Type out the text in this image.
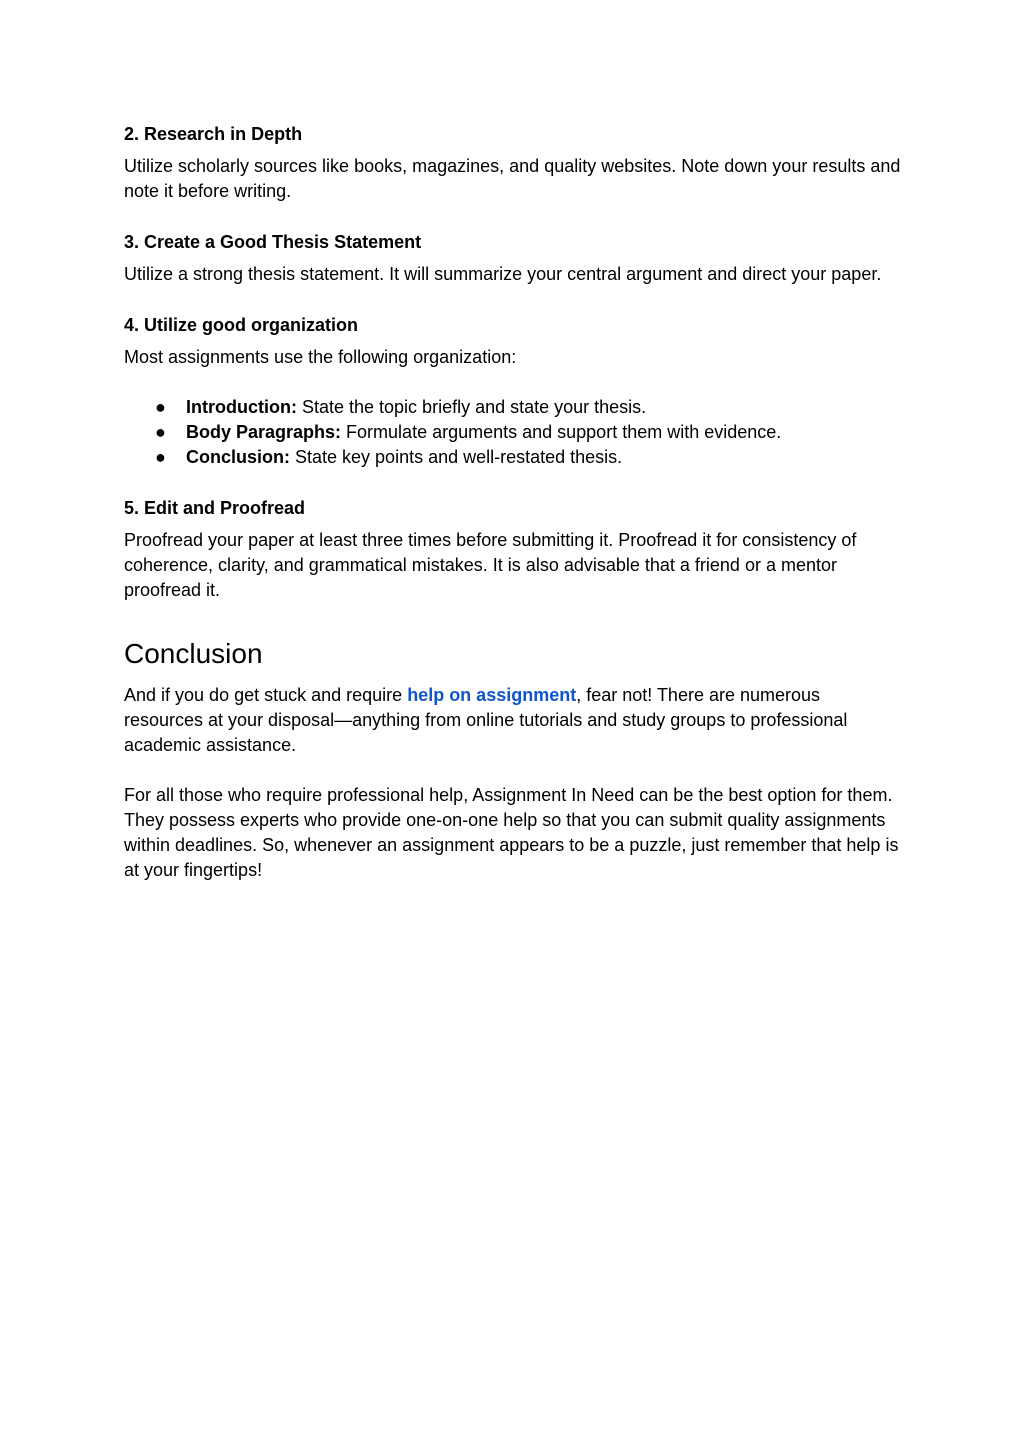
2. Research in Depth

Utilize scholarly sources like books, magazines, and quality websites. Note down your results and note it before writing.

3. Create a Good Thesis Statement

Utilize a strong thesis statement. It will summarize your central argument and direct your paper.

4. Utilize good organization

Most assignments use the following organization:

● Introduction: State the topic briefly and state your thesis.
● Body Paragraphs: Formulate arguments and support them with evidence.
● Conclusion: State key points and well-restated thesis.
5. Edit and Proofread

Proofread your paper at least three times before submitting it. Proofread it for consistency of coherence, clarity, and grammatical mistakes. It is also advisable that a friend or a mentor proofread it.

Conclusion

And if you do get stuck and require help on assignment, fear not! There are numerous resources at your disposal—anything from online tutorials and study groups to professional academic assistance.

For all those who require professional help, Assignment In Need can be the best option for them. They possess experts who provide one-on-one help so that you can submit quality assignments within deadlines. So, whenever an assignment appears to be a puzzle, just remember that help is at your fingertips!
